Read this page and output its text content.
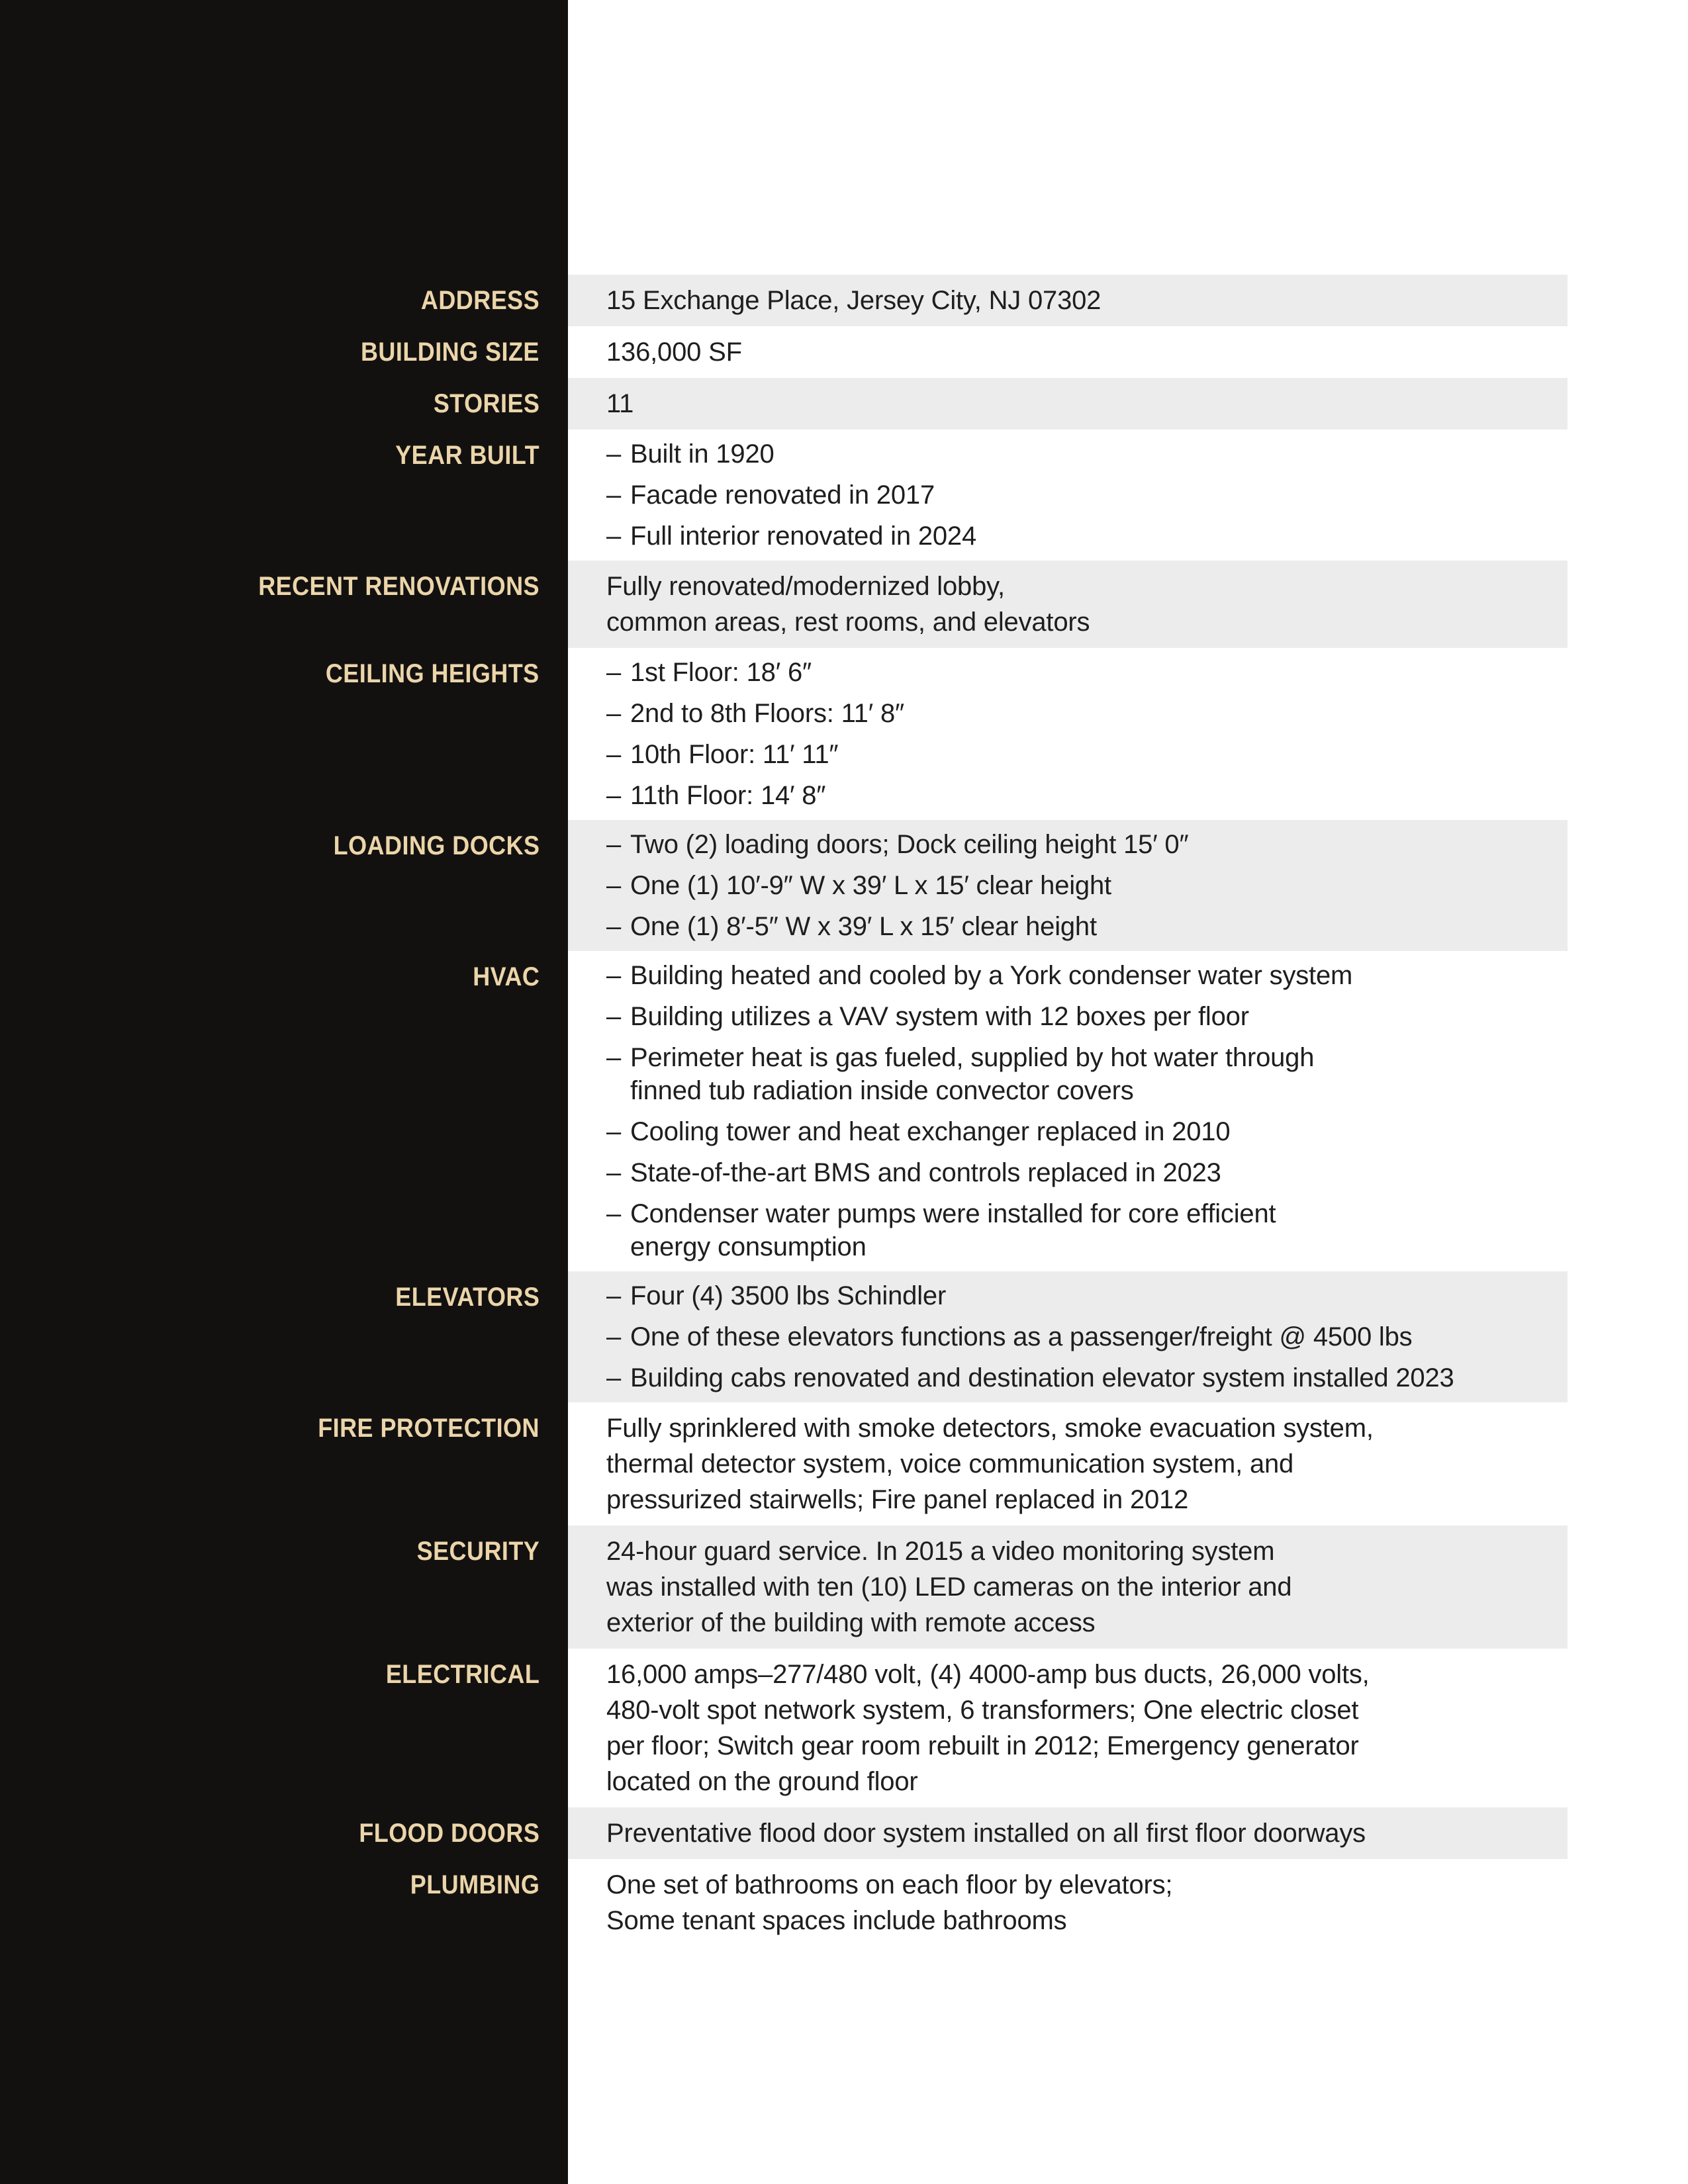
ADDRESS	15 Exchange Place, Jersey City, NJ 07302
BUILDING SIZE	136,000 SF
STORIES	11
YEAR BUILT	– Built in 1920
– Facade renovated in 2017
– Full interior renovated in 2024
RECENT RENOVATIONS	Fully renovated/modernized lobby,
common areas, rest rooms, and elevators
CEILING HEIGHTS	– 1st Floor: 18′ 6″
– 2nd to 8th Floors: 11′ 8″
– 10th Floor: 11′ 11″
– 11th Floor: 14′ 8″
LOADING DOCKS	– Two (2) loading doors; Dock ceiling height 15′ 0″
– One (1) 10′-9″ W x 39′ L x 15′ clear height
– One (1) 8′-5″ W x 39′ L x 15′ clear height
HVAC	– Building heated and cooled by a York condenser water system
– Building utilizes a VAV system with 12 boxes per floor
– Perimeter heat is gas fueled, supplied by hot water through
finned tub radiation inside convector covers
– Cooling tower and heat exchanger replaced in 2010
– State-of-the-art BMS and controls replaced in 2023
– Condenser water pumps were installed for core efficient
energy consumption
ELEVATORS	– Four (4) 3500 lbs Schindler
– One of these elevators functions as a passenger/freight @ 4500 lbs
– Building cabs renovated and destination elevator system installed 2023
FIRE PROTECTION	Fully sprinklered with smoke detectors, smoke evacuation system,
thermal detector system, voice communication system, and
pressurized stairwells; Fire panel replaced in 2012
SECURITY	24-hour guard service. In 2015 a video monitoring system
was installed with ten (10) LED cameras on the interior and
exterior of the building with remote access
ELECTRICAL	16,000 amps–277/480 volt, (4) 4000-amp bus ducts, 26,000 volts,
480-volt spot network system, 6 transformers; One electric closet
per floor; Switch gear room rebuilt in 2012; Emergency generator
located on the ground floor
FLOOD DOORS	Preventative flood door system installed on all first floor doorways
PLUMBING	One set of bathrooms on each floor by elevators;
Some tenant spaces include bathrooms
